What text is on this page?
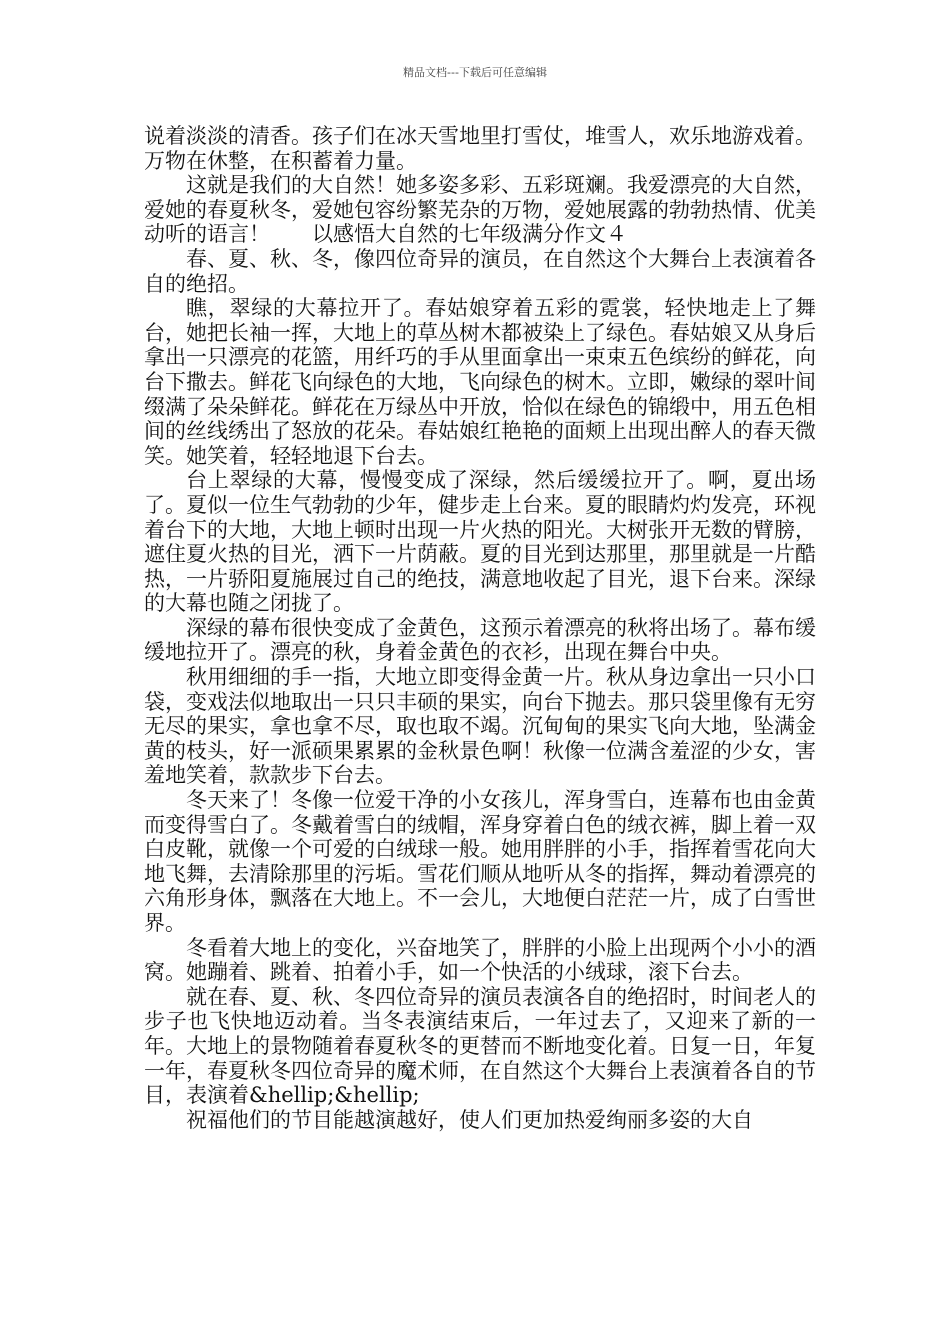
精品文档---下载后可任意编辑

说着淡淡的清香。孩子们在冰天雪地里打雪仗，堆雪人，欢乐地游戏着。万物在休整，在积蓄着力量。

这就是我们的大自然！她多姿多彩、五彩斑斓。我爱漂亮的大自然，爱她的春夏秋冬，爱她包容纷繁芜杂的万物，爱她展露的勃勃热情、优美动听的语言！　　以感悟大自然的七年级满分作文４

春、夏、秋、冬，像四位奇异的演员，在自然这个大舞台上表演着各自的绝招。

瞧，翠绿的大幕拉开了。春姑娘穿着五彩的霓裳，轻快地走上了舞台，她把长袖一挥，大地上的草丛树木都被染上了绿色。春姑娘又从身后拿出一只漂亮的花篮，用纤巧的手从里面拿出一束束五色缤纷的鲜花，向台下撒去。鲜花飞向绿色的大地，飞向绿色的树木。立即，嫩绿的翠叶间缀满了朵朵鲜花。鲜花在万绿丛中开放，恰似在绿色的锦缎中，用五色相间的丝线绣出了怒放的花朵。春姑娘红艳艳的面颊上出现出醉人的春天微笑。她笑着，轻轻地退下台去。

台上翠绿的大幕，慢慢变成了深绿，然后缓缓拉开了。啊，夏出场了。夏似一位生气勃勃的少年，健步走上台来。夏的眼睛灼灼发亮，环视着台下的大地，大地上顿时出现一片火热的阳光。大树张开无数的臂膀，遮住夏火热的目光，洒下一片荫蔽。夏的目光到达那里，那里就是一片酷热，一片骄阳夏施展过自己的绝技，满意地收起了目光，退下台来。深绿的大幕也随之闭拢了。

深绿的幕布很快变成了金黄色，这预示着漂亮的秋将出场了。幕布缓缓地拉开了。漂亮的秋，身着金黄色的衣衫，出现在舞台中央。

秋用细细的手一指，大地立即变得金黄一片。秋从身边拿出一只小口袋，变戏法似地取出一只只丰硕的果实，向台下抛去。那只袋里像有无穷无尽的果实，拿也拿不尽，取也取不竭。沉甸甸的果实飞向大地，坠满金黄的枝头，好一派硕果累累的金秋景色啊！秋像一位满含羞涩的少女，害羞地笑着，款款步下台去。

冬天来了！冬像一位爱干净的小女孩儿，浑身雪白，连幕布也由金黄而变得雪白了。冬戴着雪白的绒帽，浑身穿着白色的绒衣裤，脚上着一双白皮靴，就像一个可爱的白绒球一般。她用胖胖的小手，指挥着雪花向大地飞舞，去清除那里的污垢。雪花们顺从地听从冬的指挥，舞动着漂亮的六角形身体，飘落在大地上。不一会儿，大地便白茫茫一片，成了白雪世界。

冬看着大地上的变化，兴奋地笑了，胖胖的小脸上出现两个小小的酒窝。她蹦着、跳着、拍着小手，如一个快活的小绒球，滚下台去。

就在春、夏、秋、冬四位奇异的演员表演各自的绝招时，时间老人的步子也飞快地迈动着。当冬表演结束后，一年过去了，又迎来了新的一年。大地上的景物随着春夏秋冬的更替而不断地变化着。日复一日，年复一年，春夏秋冬四位奇异的魔术师，在自然这个大舞台上表演着各自的节目，表演着&hellip;&hellip;

祝福他们的节目能越演越好，使人们更加热爱绚丽多姿的大自
